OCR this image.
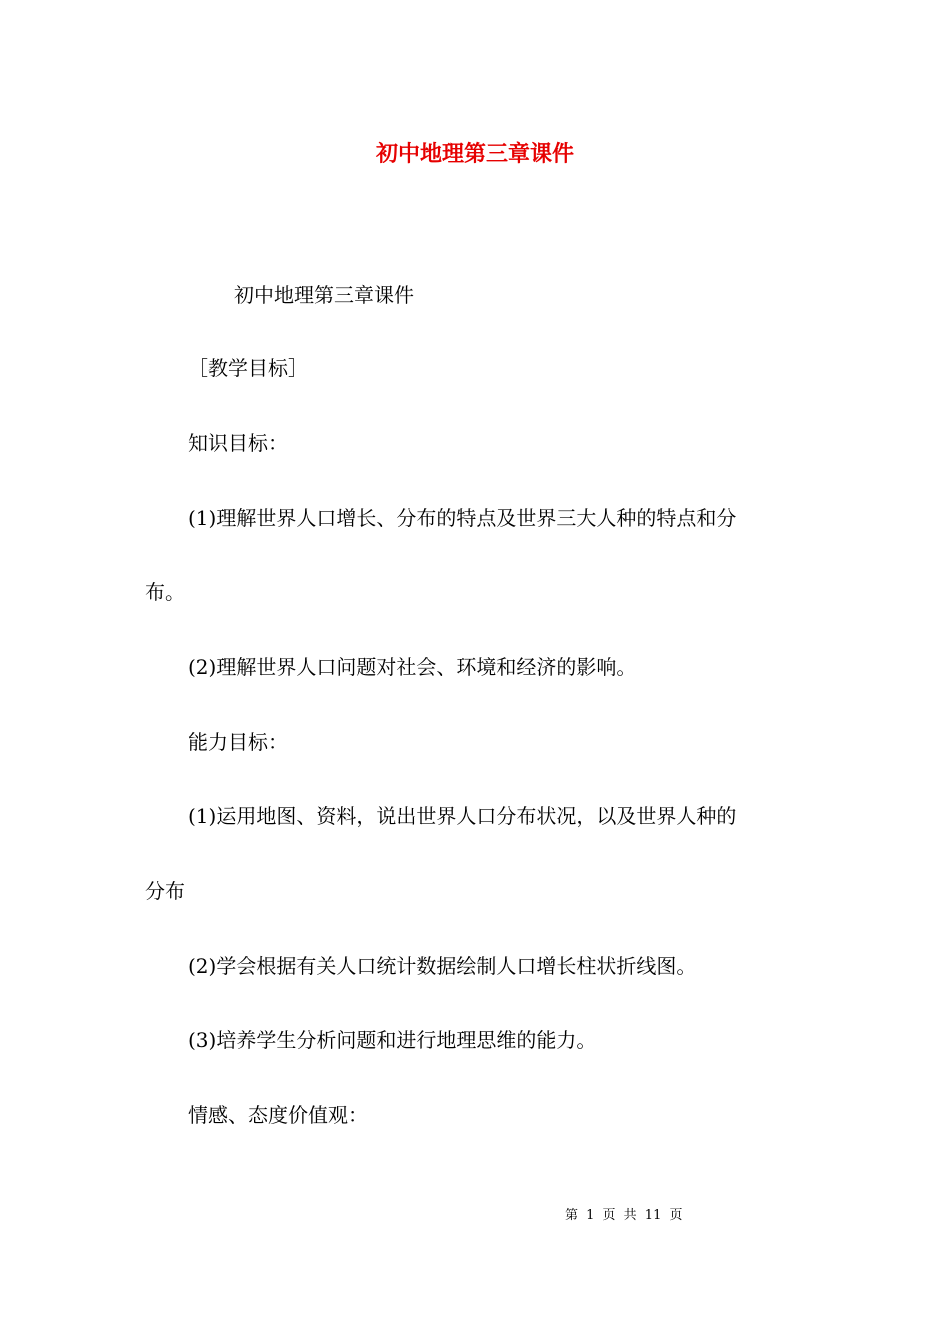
初中地理第三章课件
初中地理第三章课件
［教学目标］
知识目标：
(1)理解世界人口增长、分布的特点及世界三大人种的特点和分
布。
(2)理解世界人口问题对社会、环境和经济的影响。
能力目标：
(1)运用地图、资料，说出世界人口分布状况，以及世界人种的
分布
(2)学会根据有关人口统计数据绘制人口增长柱状折线图。
(3)培养学生分析问题和进行地理思维的能力。
情感、态度价值观：
第 1 页 共 11 页
